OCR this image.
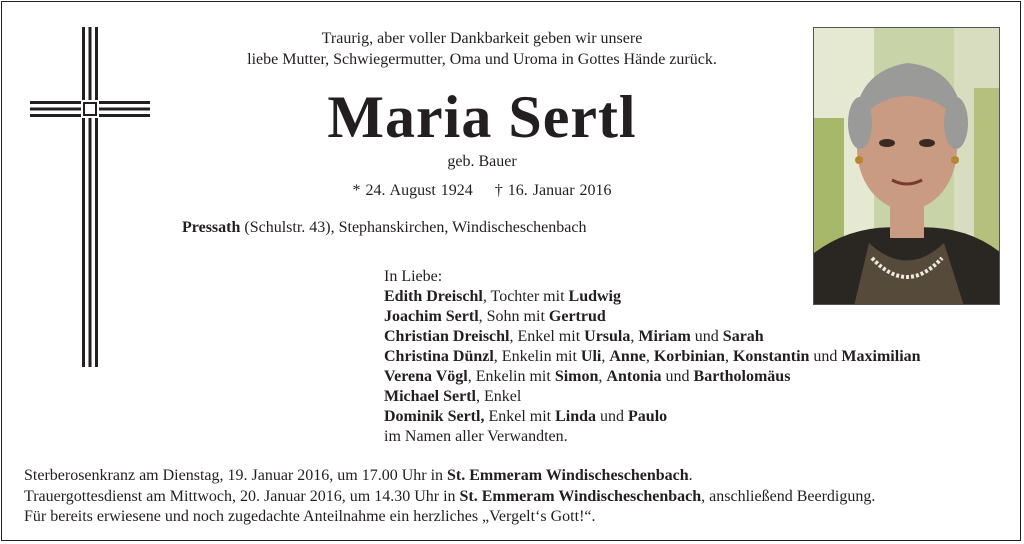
Traurig, aber voller Dankbarkeit geben wir unsere
liebe Mutter, Schwiegermutter, Oma und Uroma in Gottes Hände zurück.
Maria Sertl
geb. Bauer
* 24. August 1924 † 16. Januar 2016
Pressath (Schulstr. 43), Stephanskirchen, Windischeschenbach
In Liebe:
Edith Dreischl, Tochter mit Ludwig
Joachim Sertl, Sohn mit Gertrud
Christian Dreischl, Enkel mit Ursula, Miriam und Sarah
Christina Dünzl, Enkelin mit Uli, Anne, Korbinian, Konstantin und Maximilian
Verena Vögl, Enkelin mit Simon, Antonia und Bartholomäus
Michael Sertl, Enkel
Dominik Sertl, Enkel mit Linda und Paulo
im Namen aller Verwandten.
Sterberosenkranz am Dienstag, 19. Januar 2016, um 17.00 Uhr in St. Emmeram Windischeschenbach.
Trauergottesdienst am Mittwoch, 20. Januar 2016, um 14.30 Uhr in St. Emmeram Windischeschenbach, anschließend Beerdigung.
Für bereits erwiesene und noch zugedachte Anteilnahme ein herzliches „Vergelt‘s Gott!“.
